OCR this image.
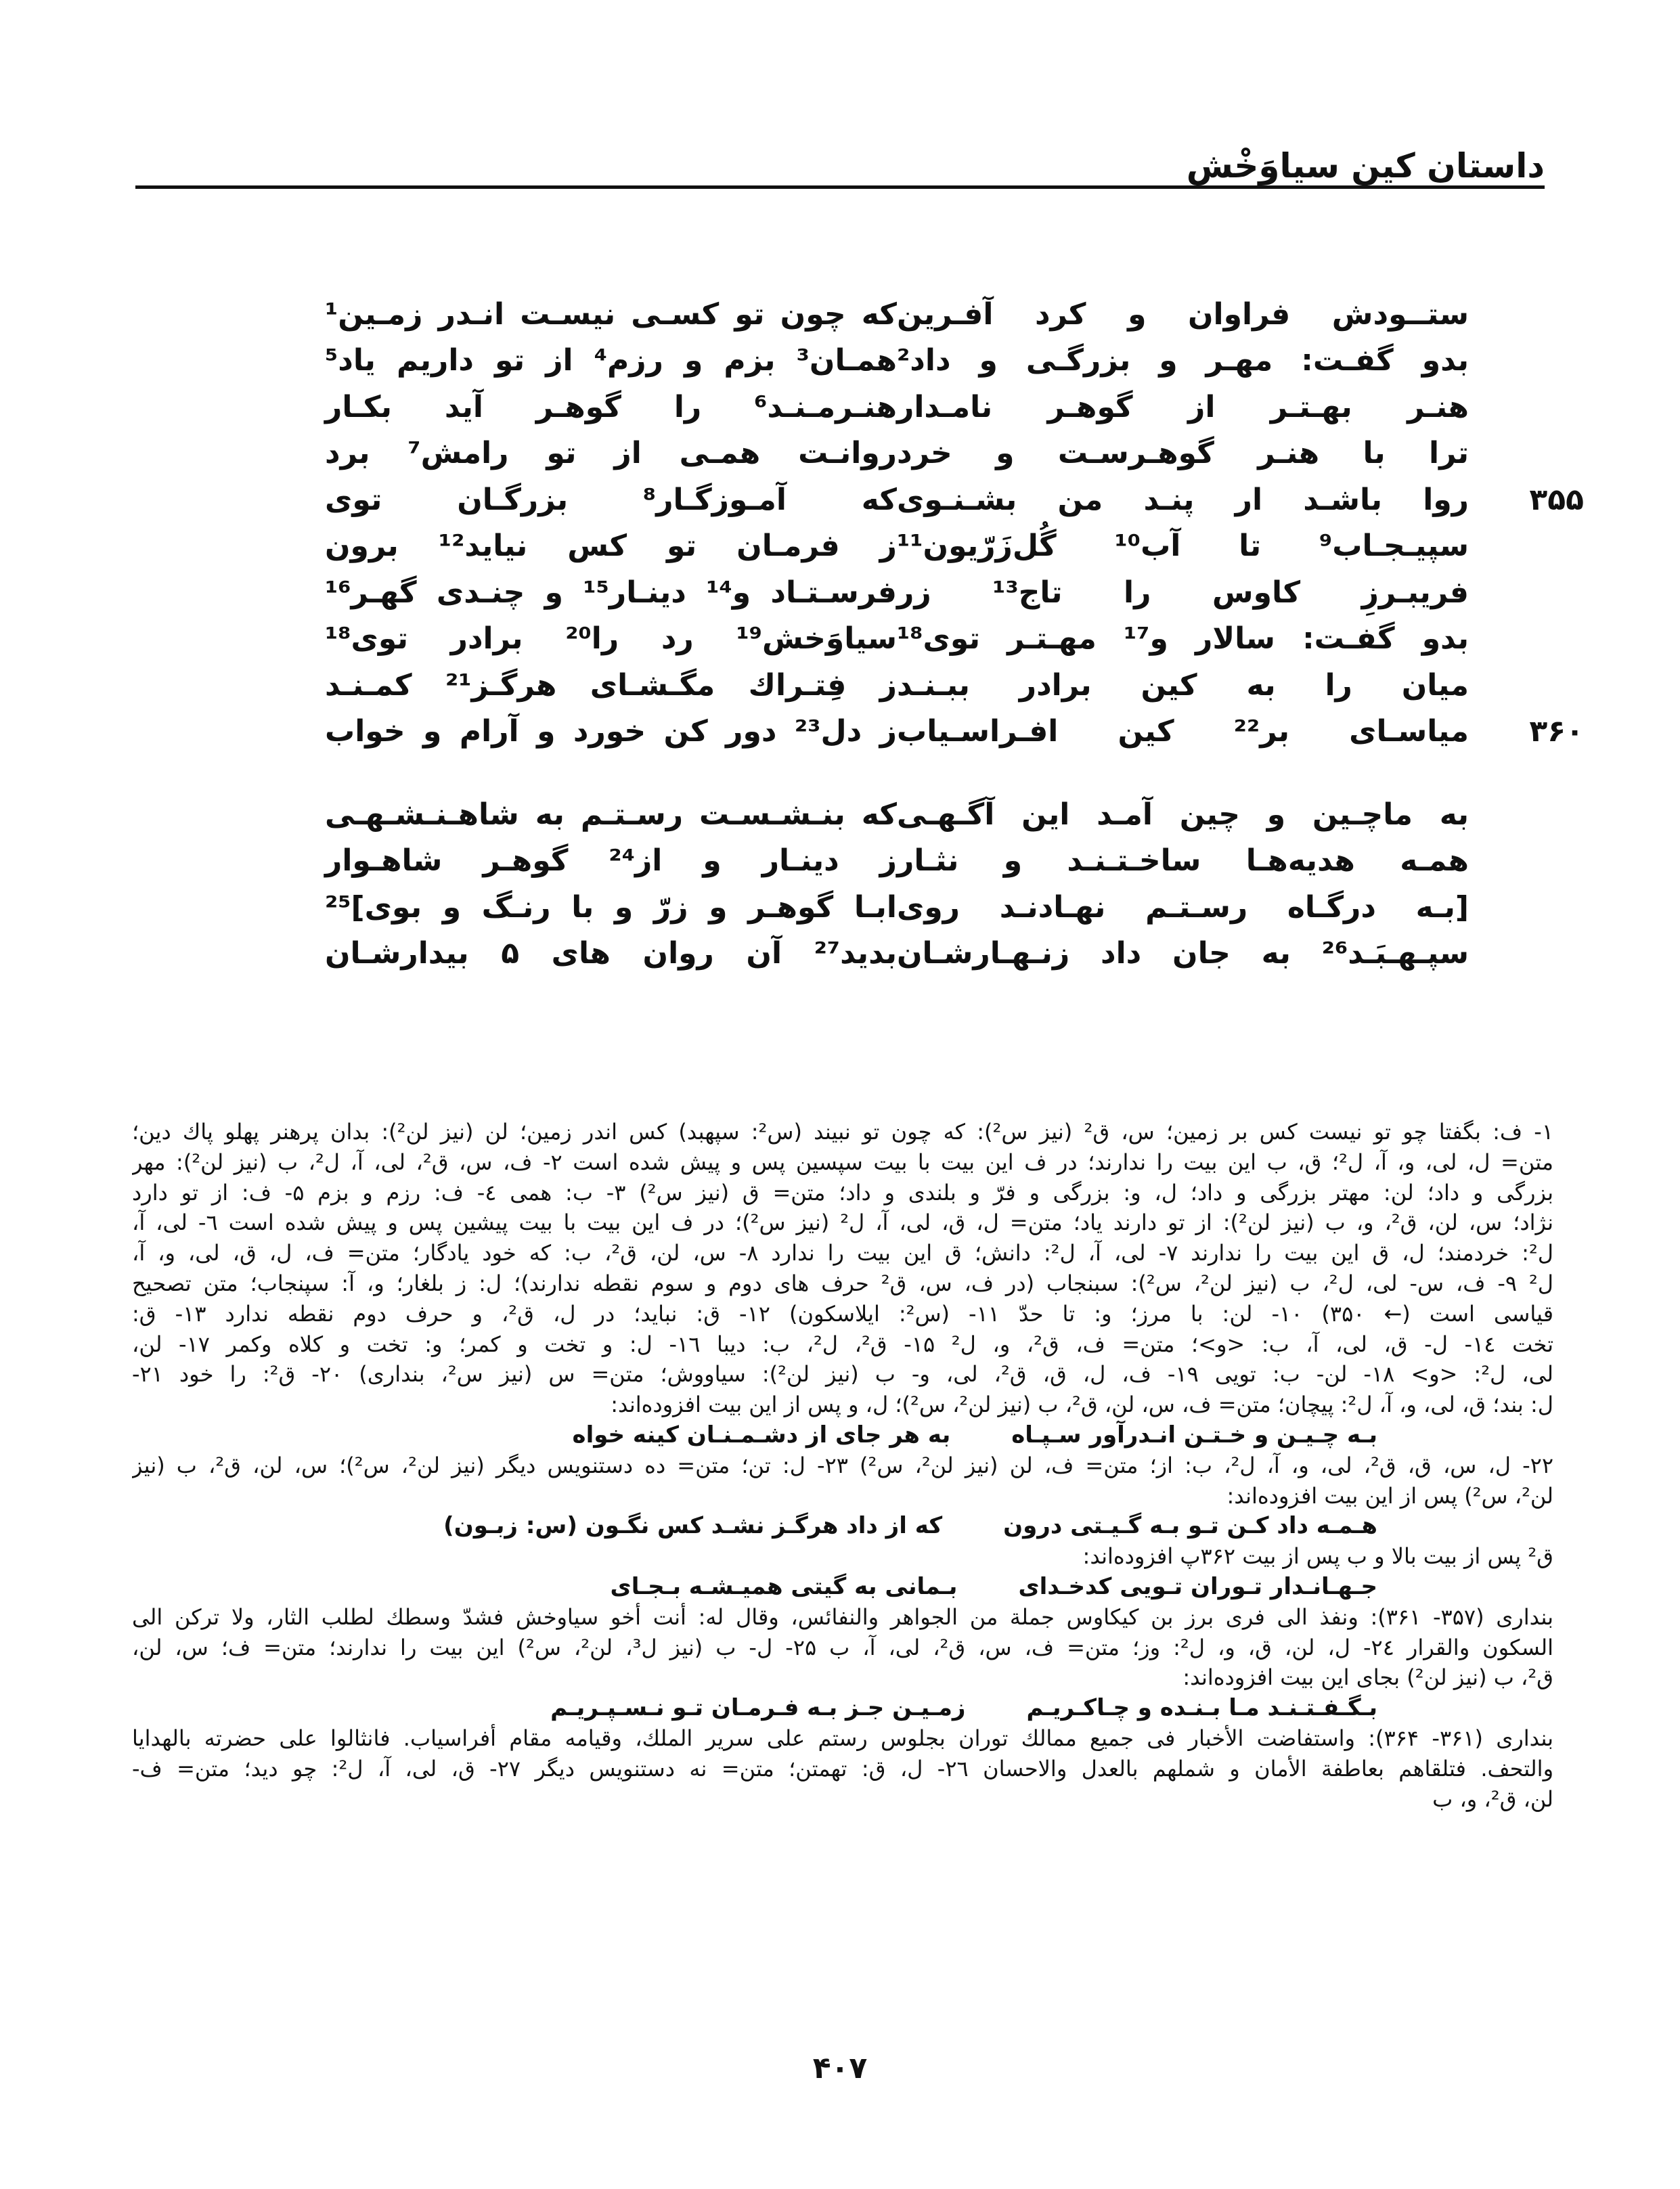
داستان کین سیاوَخْش
ستــودش فراوان و کرد آفـرین
که چون تو کسـی نیسـت انـدر زمـین¹
بدو گفـت: مهـر و بزرگـی و داد²
همـان³ بزم و رزم⁴ از تو داریم یاد⁵
هنـر بهـتـر از گوهـر نامـدار
هنـرمـنـد⁶ را گوهـر آید بکـار
ترا با هنـر گوهـرسـت و خرد
روانـت همـی از تو رامش⁷ برد
۳۵۵
روا باشـد ار پنـد من بشـنـوی
که آمـوزگـار⁸ بزرگـان توی
سپیـجـاب⁹ تا آب¹⁰ گُل‌زَرّیون¹¹
ز فرمـان تو کس نیاید¹² برون
فریبـرزِ کاوس را تاج¹³ زر
فرسـتـاد و¹⁴ دینـار¹⁵ و چنـدی گهـر¹⁶
بدو گفـت: سالار و¹⁷ مهـتـر توی¹⁸
سیاوَخش¹⁹ رد را²⁰ برادر توی¹⁸
میان را به کین برادر ببـنـد
ز فِتـراك مگـشـای هرگـز²¹ کمـنـد
۳۶۰
میاسـای بر²² کین افـراسـیاب
ز دل²³ دور کن خورد و آرام و خواب
به ماچـین و چین آمـد این آگـهـی
که بنـشـسـت رسـتـم به شاهـنـشـهـی
همـه هدیه‌هـا ساخـتـنـد و نثـار
ز دینـار و از²⁴ گوهـر شاهـوار
[بـه درگـاه رسـتـم نهـادنـد روی
ابـا گوهـر و زرّ و با رنـگ و بوی]²⁵
سپـهـبَـد²⁶ به جان داد زنـهـارشـان
بدید²⁷ آن روان های ۵ بیدارشـان
۱- ف: بگفتا چو تو نیست کس بر زمین؛ س، ق² (نیز س²): که چون تو نبیند (س²: سپهبد) کس اندر زمین؛ لن (نیز لن²): بدان پرهنر پهلو پاك دین؛
متن= ل، لی، و، آ، ل²؛ ق، ب این بیت را ندارند؛ در ف این بیت با بیت سپسین پس و پیش شده است ۲- ف، س، ق²، لی، آ، ل²، ب (نیز لن²): مهر
بزرگی و داد؛ لن: مهتر بزرگی و داد؛ ل، و: بزرگی و فرّ و بلندی و داد؛ متن= ق (نیز س²) ۳- ب: همی ٤- ف: رزم و بزم ۵- ف: از تو دارد
نژاد؛ س، لن، ق²، و، ب (نیز لن²): از تو دارند یاد؛ متن= ل، ق، لی، آ، ل² (نیز س²)؛ در ف این بیت با بیت پیشین پس و پیش شده است ٦- لی، آ،
ل²: خردمند؛ ل، ق این بیت را ندارند ۷- لی، آ، ل²: دانش؛ ق این بیت را ندارد ۸- س، لن، ق²، ب: که خود یادگار؛ متن= ف، ل، ق، لی، و، آ،
ل² ۹- ف، س- لی، ل²، ب (نیز لن²، س²): سبنجاب (در ف، س، ق² حرف های دوم و سوم نقطه ندارند)؛ ل: ز بلغار؛ و، آ: سپنجاب؛ متن تصحیح
قیاسی است (← ۳۵۰) ۱۰- لن: با مرز؛ و: تا حدّ ۱۱- (س²: ایلاسکون) ۱۲- ق: نباید؛ در ل، ق²، و حرف دوم نقطه ندارد ۱۳- ق:
تخت ١٤- ل- ق، لی، آ، ب: <و>؛ متن= ف، ق²، و، ل² ۱۵- ق²، ل²، ب: دیبا ١٦- ل: و تخت و کمر؛ و: تخت و کلاه وکمر ۱۷- لن،
لی، ل²: <و> ۱۸- لن- ب: تویی ۱۹- ف، ل، ق، ق²، لی، و- ب (نیز لن²): سیاووش؛ متن= س (نیز س²، بنداری) ۲۰- ق²: را خود ۲۱-
ل: بند؛ ق، لی، و، آ، ل²: پیچان؛ متن= ف، س، لن، ق²، ب (نیز لن²، س²)؛ ل، و پس از این بیت افزوده‌اند:
بـه چـیـن و خـتـن انـدرآور سـپـاه
به هر جای از دشـمـنـان کینه خواه
۲۲- ل، س، ق، ق²، لی، و، آ، ل²، ب: از؛ متن= ف، لن (نیز لن²، س²) ۲۳- ل: تن؛ متن= ده دستنویس دیگر (نیز لن²، س²)؛ س، لن، ق²، ب (نیز
لن²، س²) پس از این بیت افزوده‌اند:
هـمـه داد کـن تـو بـه گـیـتی درون
که از داد هرگـز نشـد کس نگـون (س: زبـون)
ق² پس از بیت بالا و ب پس از بیت ۳۶۲پ افزوده‌اند:
جـهـانـدار تـوران تـویی کدخـدای
بـمانی به گیتی همیـشـه بـجـای
بنداری (۳۵۷- ۳۶۱): ونفذ الی فری برز بن کیکاوس جملة من الجواهر والنفائس، وقال له: أنت أخو سیاوخش فشدّ وسطك لطلب الثار، ولا ترکن الی
السکون والقرار ٢٤- ل، لن، ق، و، ل²: وز؛ متن= ف، س، ق²، لی، آ، ب ۲۵- ل- ب (نیز ل³، لن²، س²) این بیت را ندارند؛ متن= ف؛ س، لن،
ق²، ب (نیز لن²) بجای این بیت افزوده‌اند:
بـگـفـتـنـد مـا بـنـده و چـاکـریـم
زمـیـن جـز بـه فـرمـان تـو نـسـپـریـم
بنداری (۳۶۱- ۳۶۴): واستفاضت الأخبار فی جمیع ممالك توران بجلوس رستم علی سریر الملك، وقیامه مقام أفراسیاب. فانثالوا علی حضرته بالهدایا
والتحف. فتلقاهم بعاطفة الأمان و شملهم بالعدل والاحسان ۲٦- ل، ق: تهمتن؛ متن= نه دستنویس دیگر ۲۷- ق، لی، آ، ل²: چو دید؛ متن= ف-
لن، ق²، و، ب
۴۰۷
